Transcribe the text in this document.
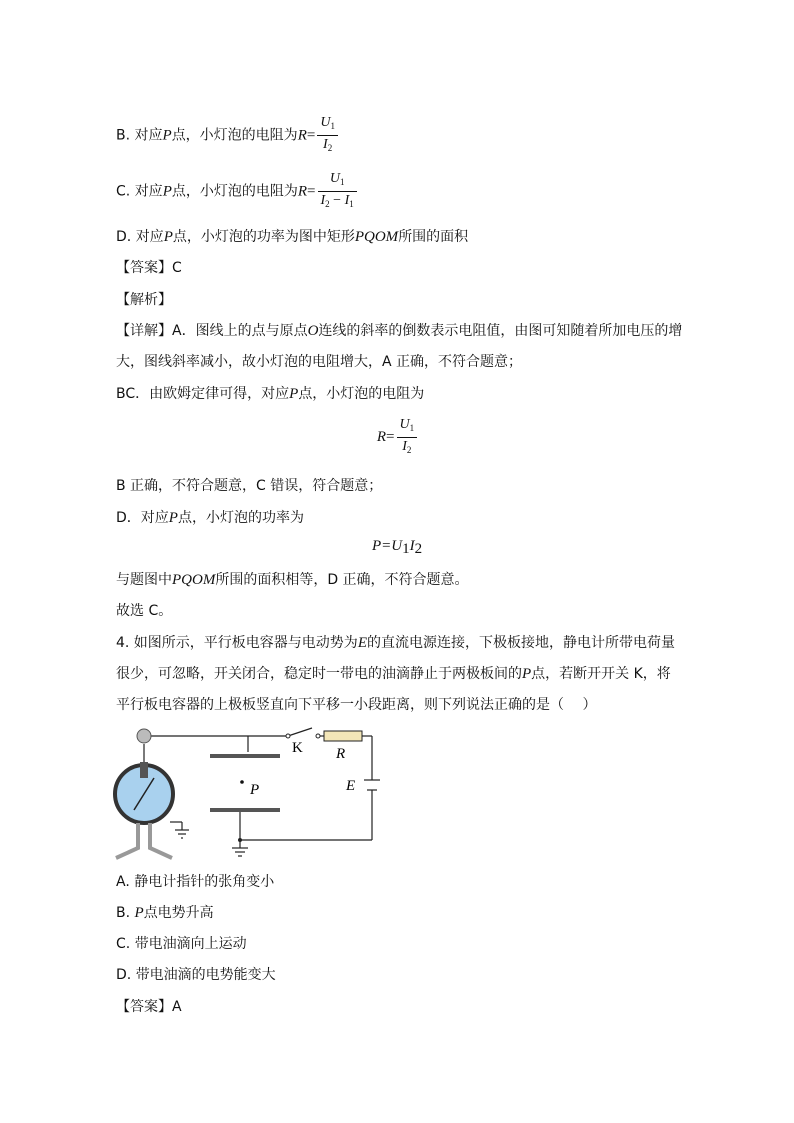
B. 对应P点，小灯泡的电阻为$R= \frac{U_1}{I_2}$
C. 对应P点，小灯泡的电阻为$R= \frac{U_1}{I_2 - I_1}$
D. 对应P点，小灯泡的功率为图中矩形PQOM所围的面积
【答案】C
【解析】
【详解】A．图线上的点与原点O连线的斜率的倒数表示电阻值，由图可知随着所加电压的增
大，图线斜率减小，故小灯泡的电阻增大，A 正确，不符合题意；
BC．由欧姆定律可得，对应P点，小灯泡的电阻为
$R= \frac{U_1}{I_2}$
B 正确，不符合题意，C 错误，符合题意；
D．对应P点，小灯泡的功率为
$P=U_1I_2$
与题图中PQOM所围的面积相等，D 正确，不符合题意。
故选 C。
4. 如图所示，平行板电容器与电动势为E的直流电源连接，下极板接地，静电计所带电荷量
很少，可忽略，开关闭合，稳定时一带电的油滴静止于两极板间的P点，若断开开关 K，将
平行板电容器的上极板竖直向下平移一小段距离，则下列说法正确的是（　 ）
K R
E
P
A. 静电计指针的张角变小
B. P点电势升高
C. 带电油滴向上运动
D. 带电油滴的电势能变大
【答案】A
